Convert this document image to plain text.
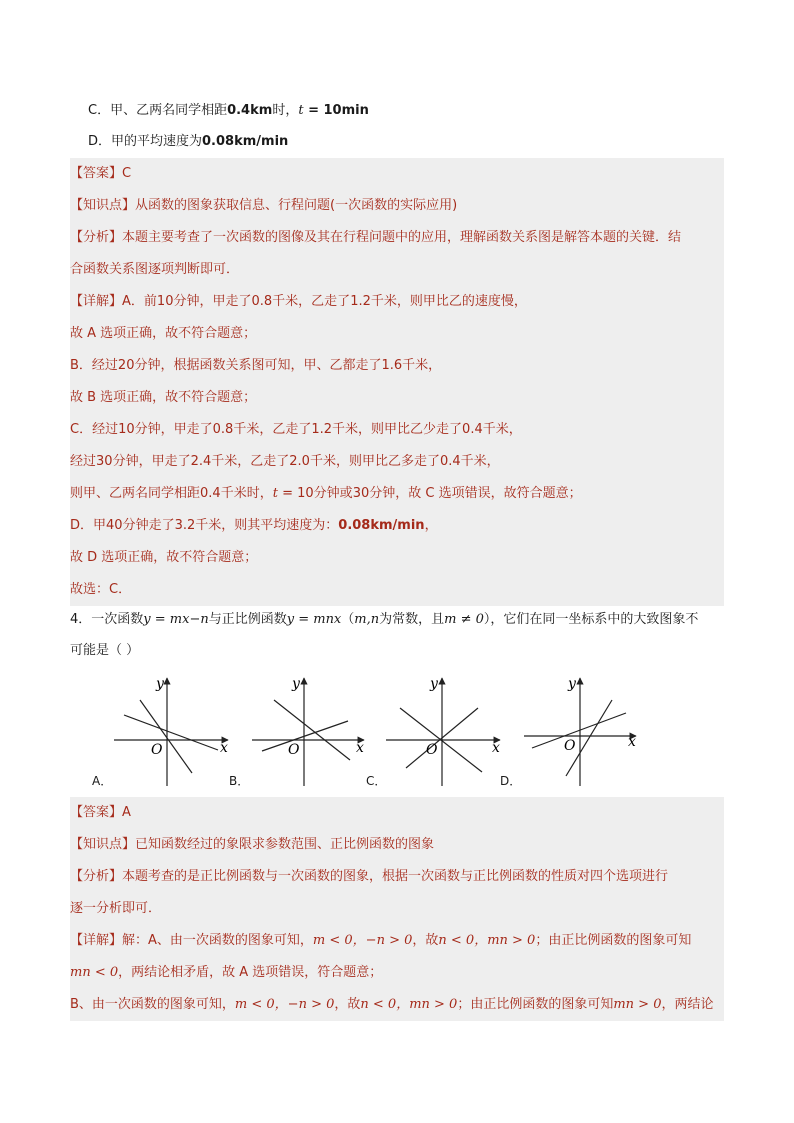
C．甲、乙两名同学相距0.4km时，t = 10min
D．甲的平均速度为0.08km/min
【答案】C
【知识点】从函数的图象获取信息、行程问题(一次函数的实际应用)
【分析】本题主要考查了一次函数的图像及其在行程问题中的应用，理解函数关系图是解答本题的关键．结
合函数关系图逐项判断即可．
【详解】A．前10分钟，甲走了0.8千米，乙走了1.2千米，则甲比乙的速度慢，
故 A 选项正确，故不符合题意；
B．经过20分钟，根据函数关系图可知，甲、乙都走了1.6千米，
故 B 选项正确，故不符合题意；
C．经过10分钟，甲走了0.8千米，乙走了1.2千米，则甲比乙少走了0.4千米，
经过30分钟，甲走了2.4千米，乙走了2.0千米，则甲比乙多走了0.4千米，
则甲、乙两名同学相距0.4千米时，t = 10分钟或30分钟，故 C 选项错误，故符合题意；
D．甲40分钟走了3.2千米，则其平均速度为：0.08km/min，
故 D 选项正确，故不符合题意；
故选：C．
4．一次函数y = mx−n与正比例函数y = mnx（m,n为常数，且m ≠ 0），它们在同一坐标系中的大致图象不
可能是（ ）
y
x
O
y
x
O
y
x
O
y
x
O
A．	B．	C．	D．
【答案】A
【知识点】已知函数经过的象限求参数范围、正比例函数的图象
【分析】本题考查的是正比例函数与一次函数的图象，根据一次函数与正比例函数的性质对四个选项进行
逐一分析即可．
【详解】解：A、由一次函数的图象可知，m < 0，−n > 0，故n < 0，mn > 0；由正比例函数的图象可知
mn < 0，两结论相矛盾，故 A 选项错误，符合题意；
B、由一次函数的图象可知，m < 0，−n > 0，故n < 0，mn > 0；由正比例函数的图象可知mn > 0，两结论
